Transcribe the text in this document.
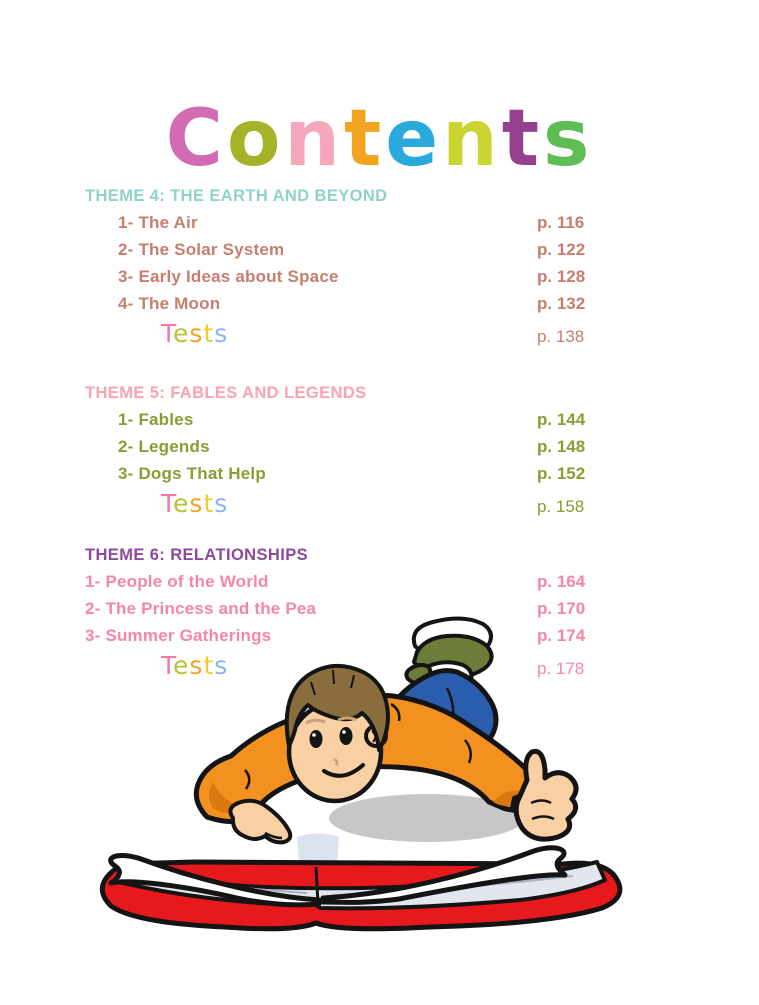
Contents
THEME 4: THE EARTH AND BEYOND
1- The Air	p. 116
2- The Solar System	p. 122
3- Early Ideas about Space	p. 128
4- The Moon	p. 132
Tests	p. 138
THEME 5: FABLES AND LEGENDS
1- Fables	p. 144
2- Legends	p. 148
3- Dogs That Help	p. 152
Tests	p. 158
THEME 6: RELATIONSHIPS
1- People of the World	p. 164
2- The Princess and the Pea	p. 170
3- Summer Gatherings	p. 174
Tests	p. 178
